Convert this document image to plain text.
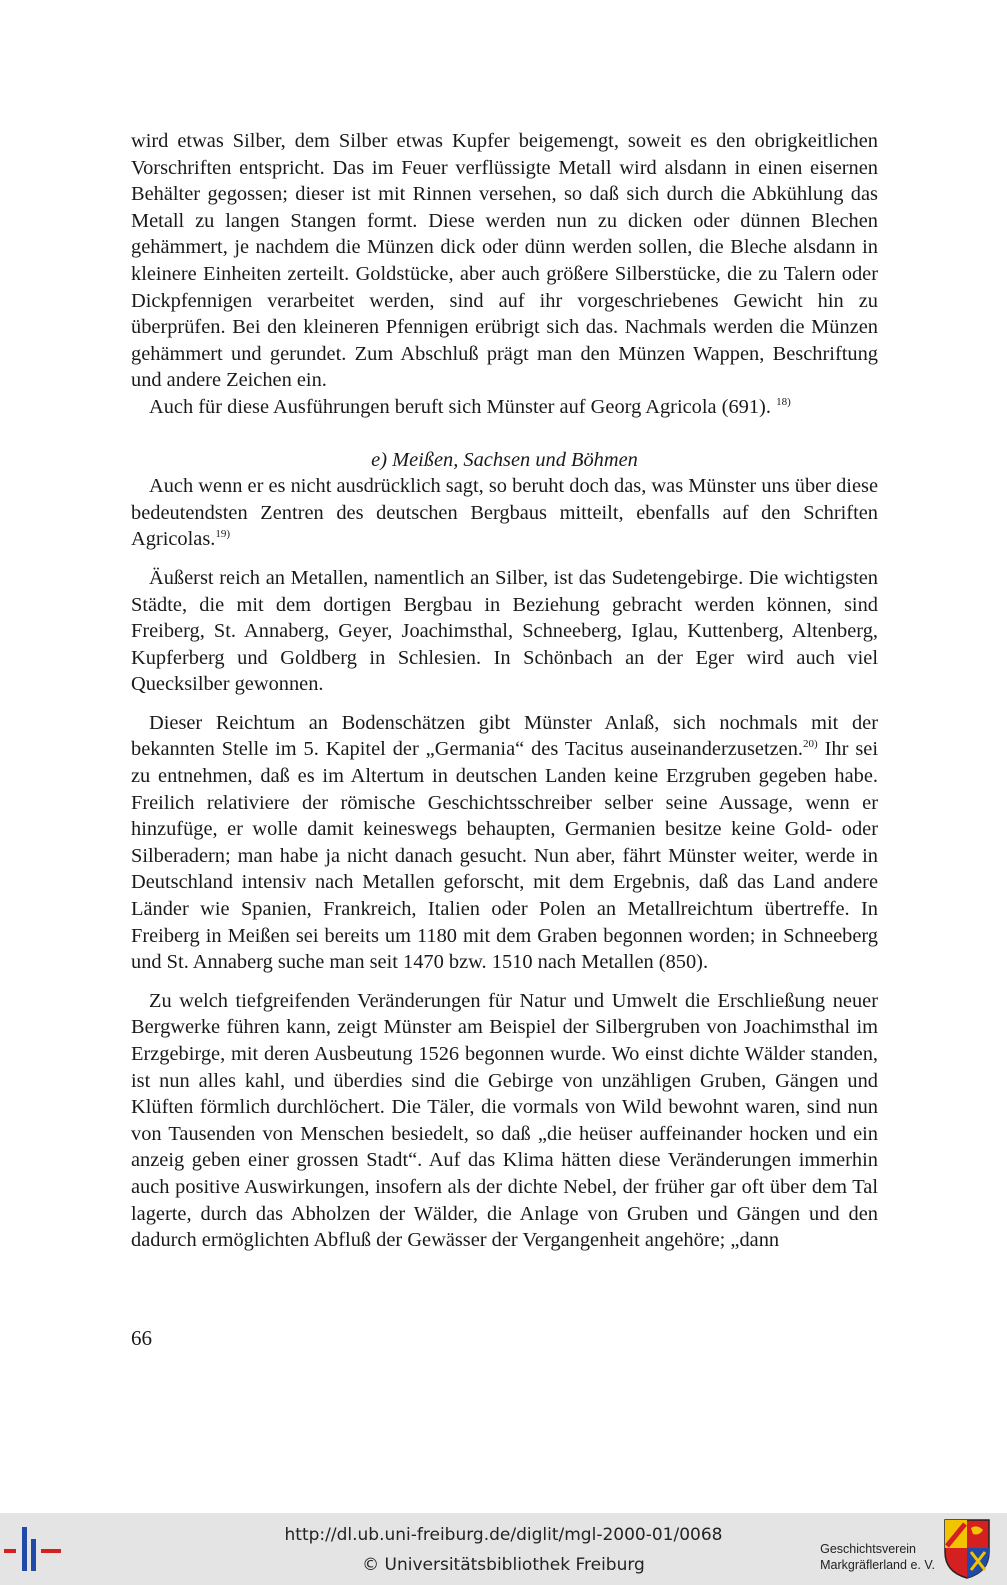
wird etwas Silber, dem Silber etwas Kupfer beigemengt, soweit es den obrigkeitlichen Vorschriften entspricht. Das im Feuer verflüssigte Metall wird alsdann in einen eisernen Behälter gegossen; dieser ist mit Rinnen versehen, so daß sich durch die Abkühlung das Metall zu langen Stangen formt. Diese werden nun zu dicken oder dünnen Blechen gehämmert, je nachdem die Münzen dick oder dünn werden sollen, die Bleche alsdann in kleinere Einheiten zerteilt. Goldstücke, aber auch größere Silberstücke, die zu Talern oder Dickpfennigen verarbeitet werden, sind auf ihr vorgeschriebenes Gewicht hin zu überprüfen. Bei den kleineren Pfennigen erübrigt sich das. Nachmals werden die Münzen gehämmert und gerundet. Zum Abschluß prägt man den Münzen Wappen, Beschriftung und andere Zeichen ein.

Auch für diese Ausführungen beruft sich Münster auf Georg Agricola (691). $^{18)}$

e) Meißen, Sachsen und Böhmen

Auch wenn er es nicht ausdrücklich sagt, so beruht doch das, was Münster uns über diese bedeutendsten Zentren des deutschen Bergbaus mitteilt, ebenfalls auf den Schriften Agricolas.$^{19)}$

Äußerst reich an Metallen, namentlich an Silber, ist das Sudetengebirge. Die wichtigsten Städte, die mit dem dortigen Bergbau in Beziehung gebracht werden können, sind Freiberg, St. Annaberg, Geyer, Joachimsthal, Schneeberg, Iglau, Kuttenberg, Altenberg, Kupferberg und Goldberg in Schlesien. In Schönbach an der Eger wird auch viel Quecksilber gewonnen.

Dieser Reichtum an Bodenschätzen gibt Münster Anlaß, sich nochmals mit der bekannten Stelle im 5. Kapitel der „Germania“ des Tacitus auseinanderzusetzen.$^{20)}$ Ihr sei zu entnehmen, daß es im Altertum in deutschen Landen keine Erzgruben gegeben habe. Freilich relativiere der römische Geschichtsschreiber selber seine Aussage, wenn er hinzufüge, er wolle damit keineswegs behaupten, Germanien besitze keine Gold- oder Silberadern; man habe ja nicht danach gesucht. Nun aber, fährt Münster weiter, werde in Deutschland intensiv nach Metallen geforscht, mit dem Ergebnis, daß das Land andere Länder wie Spanien, Frankreich, Italien oder Polen an Metallreichtum übertreffe. In Freiberg in Meißen sei bereits um 1180 mit dem Graben begonnen worden; in Schneeberg und St. Annaberg suche man seit 1470 bzw. 1510 nach Metallen (850).

Zu welch tiefgreifenden Veränderungen für Natur und Umwelt die Erschließung neuer Bergwerke führen kann, zeigt Münster am Beispiel der Silbergruben von Joachimsthal im Erzgebirge, mit deren Ausbeutung 1526 begonnen wurde. Wo einst dichte Wälder standen, ist nun alles kahl, und überdies sind die Gebirge von unzähligen Gruben, Gängen und Klüften förmlich durchlöchert. Die Täler, die vormals von Wild bewohnt waren, sind nun von Tausenden von Menschen besiedelt, so daß „die heüser auffeinander hocken und ein anzeig geben einer grossen Stadt“. Auf das Klima hätten diese Veränderungen immerhin auch positive Auswirkungen, insofern als der dichte Nebel, der früher gar oft über dem Tal lagerte, durch das Abholzen der Wälder, die Anlage von Gruben und Gängen und den dadurch ermöglichten Abfluß der Gewässer der Vergangenheit angehöre; „dann

66
http://dl.ub.uni-freiburg.de/diglit/mgl-2000-01/0068
© Universitätsbibliothek Freiburg
Geschichtsverein
Markgräflerland e. V.
